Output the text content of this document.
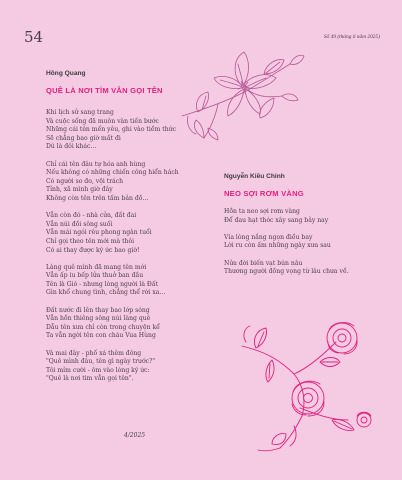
54	Số 49 (tháng 6 năm 2025)
Hồng Quang
QUÊ LÀ NƠI TÌM VẪN GỌI TÊN
Khi lịch sử sang trang
Và cuộc sống đã muôn vàn tiến bước
Những cái tên mến yêu, ghi vào tiềm thức
Sẽ chẳng bao giờ mất đi
Dù là đôi khác…
Chỉ cái tên đâu tự hóa anh hùng
Nếu không có những chiến công hiển hách
Có người so đo, vội trách
Tỉnh, xã mình giờ đây
Không còn tên trên tấm bản đồ…
Vẫn còn đó - nhà cửa, đất đai
Vẫn núi đồi sông suối
Vẫn mái ngói rêu phong ngàn tuổi
Chỉ gọi theo tên mới mà thôi
Có ai thay được ký ức bao giờ!
Làng quê mình đã mang tên mới
Vẫn ấp iu bếp lửa thuở ban đầu
Tên là Gió - nhưng lòng người là Đất
Gìn khổ chung tình, chẳng thể rời xa…
Đất nước đi lên thay bao lớp sóng
Vẫn hồn thiêng sông núi làng quê
Dẫu tên xưa chỉ còn trong chuyện kể
Ta vẫn ngời tên con cháu Vua Hùng
Và mai đây - phố xá thêm đông
"Quê mình đâu, tên gì ngày trước?"
Tôi mỉm cười - ôm vào lòng ký ức:
"Quê là nơi tim vẫn gọi tên".
4/2025
Nguyễn Kiều Chinh
NEO SỢI RƠM VÀNG
Hồn ta neo sợi rơm vàng
Để đau hạt thóc xây sang bảy nay
Vía lòng nắng ngọn điều bay
Lời ru còn ấm những ngày xưa sau
Nửa đời biến vạt bún nâu
Thương người đồng vọng từ lâu chưa về.
